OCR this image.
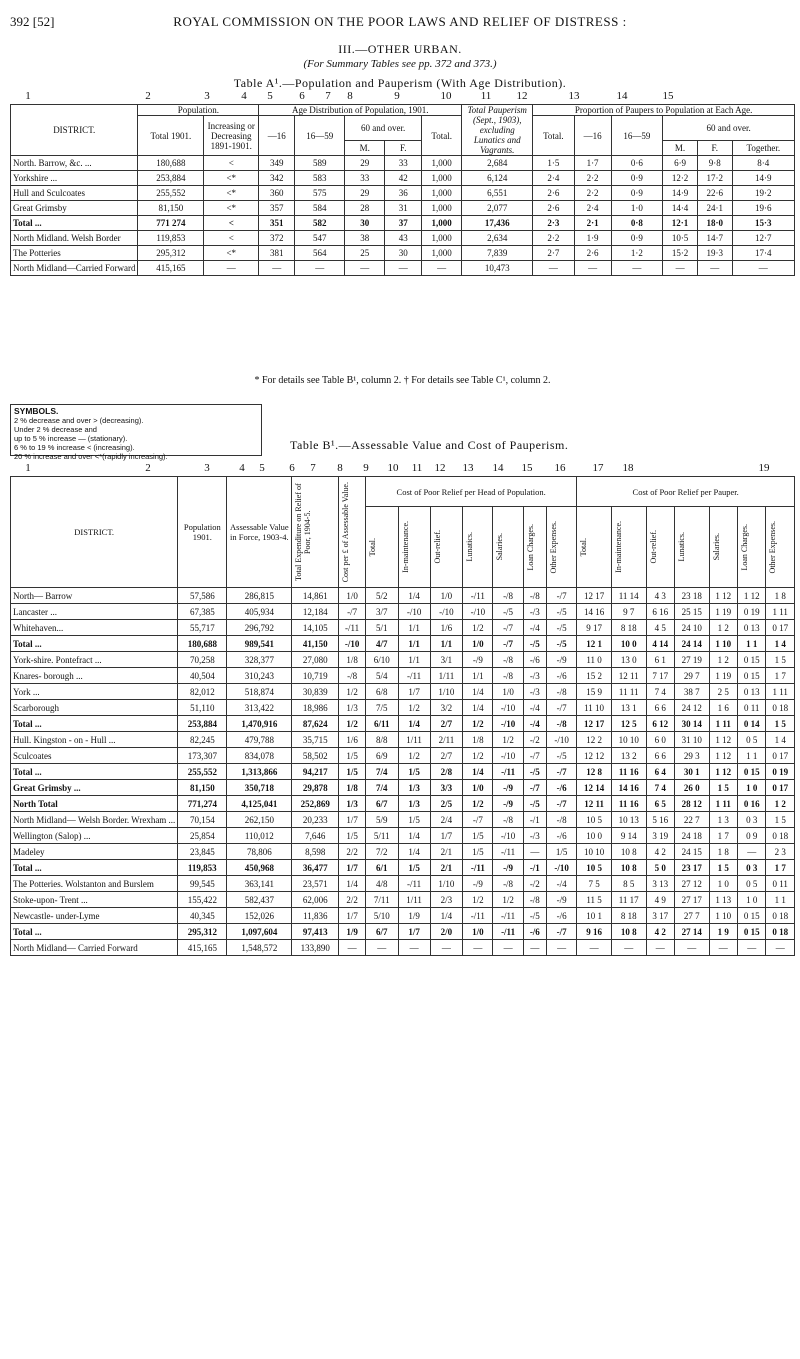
392 [52]	ROYAL COMMISSION ON THE POOR LAWS AND RELIEF OF DISTRESS :
III.—OTHER URBAN.
(For Summary Tables see pp. 372 and 373.)
Table A¹.—Population and Pauperism (With Age Distribution).
1	2	3	4 5 6 7 8	9	10	11 12	13	14	15
DISTRICT.	Population.		Age Distribution of Population, 1901.					Total Pauperism (Sept., 1903), excluding Lunatics and Vagrants.	Proportion of Paupers to Population at Each Age.					
	Total 1901.	Increasing or Decreasing 1891-1901.	—16	16—59	60 and over.		Total.		Total.	—16	16—59	60 and over.		
					M.	F.						M.	F.	Together.
North. Barrow, &c. ...	180,688	<	349	589	29	33	1,000	2,684	1·5	1·7	0·6	6·9	9·8	8·4
Yorkshire ...	253,884	<*	342	583	33	42	1,000	6,124	2·4	2·2	0·9	12·2	17·2	14·9
Hull and Sculcoates	255,552	<*	360	575	29	36	1,000	6,551	2·6	2·2	0·9	14·9	22·6	19·2
Great Grimsby	81,150	<*	357	584	28	31	1,000	2,077	2·6	2·4	1·0	14·4	24·1	19·6
Total ...	771 274	<	351	582	30	37	1,000	17,436	2·3	2·1	0·8	12·1	18·0	15·3
North Midland. Welsh Border	119,853	<	372	547	38	43	1,000	2,634	2·2	1·9	0·9	10·5	14·7	12·7
The Potteries	295,312	<*	381	564	25	30	1,000	7,839	2·7	2·6	1·2	15·2	19·3	17·4
North Midland—Carried Forward	415,165	—	—	—	—	—	—	10,473	—	—	—	—	—	—
* For details see Table B¹, column 2. † For details see Table C¹, column 2.
SYMBOLS.
2 % decrease and over > (decreasing).
Under 2 % decrease and
up to 5 % increase — (stationary).
6 % to 19 % increase < (increasing).
20 % increase and over <*(rapidly increasing).
Table B¹.—Assessable Value and Cost of Pauperism.
1	2	3	4 5 6 7 8 9 10 11 12 13 14 15 16 17 18	19
DISTRICT.	Population 1901.	Assessable Value in Force, 1903-4.	Total Expenditure on Relief of Poor, 1904-5.	Cost per £ of Assessable Value.	Cost of Poor Relief per Head of Population.							Cost of Poor Relief per Pauper.						

					Total.	In-maintenance.	Out-relief.	Lunatics.	Salaries.	Loan Charges.	Other Expenses.	Total.	In-maintenance.	Out-relief.	Lunatics.	Salaries.	Loan Charges.	Other Expenses.

North— Barrow	57,586	286,815	14,861	1/0	5/2	1/4	1/0	-/11	-/8	-/8	-/7	12 17	11 14	4 3	23 18	1 12	1 12	1 8
Lancaster ...	67,385	405,934	12,184	-/7	3/7	-/10	-/10	-/10	-/5	-/3	-/5	14 16	9 7	6 16	25 15	1 19	0 19	1 11
Whitehaven...	55,717	296,792	14,105	-/11	5/1	1/1	1/6	1/2	-/7	-/4	-/5	9 17	8 18	4 5	24 10	1 2	0 13	0 17
Total ...	180,688	989,541	41,150	-/10	4/7	1/1	1/1	1/0	-/7	-/5	-/5	12 1	10 0	4 14	24 14	1 10	1 1	1 4
York-shire. Pontefract ...	70,258	328,377	27,080	1/8	6/10	1/1	3/1	-/9	-/8	-/6	-/9	11 0	13 0	6 1	27 19	1 2	0 15	1 5
Knares- borough ...	40,504	310,243	10,719	-/8	5/4	-/11	1/11	1/1	-/8	-/3	-/6	15 2	12 11	7 17	29 7	1 19	0 15	1 7
York ...	82,012	518,874	30,839	1/2	6/8	1/7	1/10	1/4	1/0	-/3	-/8	15 9	11 11	7 4	38 7	2 5	0 13	1 11
Scarborough	51,110	313,422	18,986	1/3	7/5	1/2	3/2	1/4	-/10	-/4	-/7	11 10	13 1	6 6	24 12	1 6	0 11	0 18
Total ...	253,884	1,470,916	87,624	1/2	6/11	1/4	2/7	1/2	-/10	-/4	-/8	12 17	12 5	6 12	30 14	1 11	0 14	1 5
Hull. Kingston - on - Hull ...	82,245	479,788	35,715	1/6	8/8	1/11	2/11	1/8	1/2	-/2	-/10	12 2	10 10	6 0	31 10	1 12	0 5	1 4
Sculcoates	173,307	834,078	58,502	1/5	6/9	1/2	2/7	1/2	-/10	-/7	-/5	12 12	13 2	6 6	29 3	1 12	1 1	0 17
Total ...	255,552	1,313,866	94,217	1/5	7/4	1/5	2/8	1/4	-/11	-/5	-/7	12 8	11 16	6 4	30 1	1 12	0 15	0 19
Great Grimsby ...	81,150	350,718	29,878	1/8	7/4	1/3	3/3	1/0	-/9	-/7	-/6	12 14	14 16	7 4	26 0	1 5	1 0	0 17
North Total	771,274	4,125,041	252,869	1/3	6/7	1/3	2/5	1/2	-/9	-/5	-/7	12 11	11 16	6 5	28 12	1 11	0 16	1 2
North Midland— Welsh Border. Wrexham ...	70,154	262,150	20,233	1/7	5/9	1/5	2/4	-/7	-/8	-/1	-/8	10 5	10 13	5 16	22 7	1 3	0 3	1 5
Wellington (Salop) ...	25,854	110,012	7,646	1/5	5/11	1/4	1/7	1/5	-/10	-/3	-/6	10 0	9 14	3 19	24 18	1 7	0 9	0 18
Madeley	23,845	78,806	8,598	2/2	7/2	1/4	2/1	1/5	-/11	—	1/5	10 10	10 8	4 2	24 15	1 8	—	2 3
Total ...	119,853	450,968	36,477	1/7	6/1	1/5	2/1	-/11	-/9	-/1	-/10	10 5	10 8	5 0	23 17	1 5	0 3	1 7
The Potteries. Wolstanton and Burslem	99,545	363,141	23,571	1/4	4/8	-/11	1/10	-/9	-/8	-/2	-/4	7 5	8 5	3 13	27 12	1 0	0 5	0 11
Stoke-upon- Trent ...	155,422	582,437	62,006	2/2	7/11	1/11	2/3	1/2	1/2	-/8	-/9	11 5	11 17	4 9	27 17	1 13	1 0	1 1
Newcastle- under-Lyme	40,345	152,026	11,836	1/7	5/10	1/9	1/4	-/11	-/11	-/5	-/6	10 1	8 18	3 17	27 7	1 10	0 15	0 18
Total ...	295,312	1,097,604	97,413	1/9	6/7	1/7	2/0	1/0	-/11	-/6	-/7	9 16	10 8	4 2	27 14	1 9	0 15	0 18
North Midland— Carried Forward	415,165	1,548,572	133,890	—	—	—	—	—	—	—	—	—	—	—	—	—	—	—
